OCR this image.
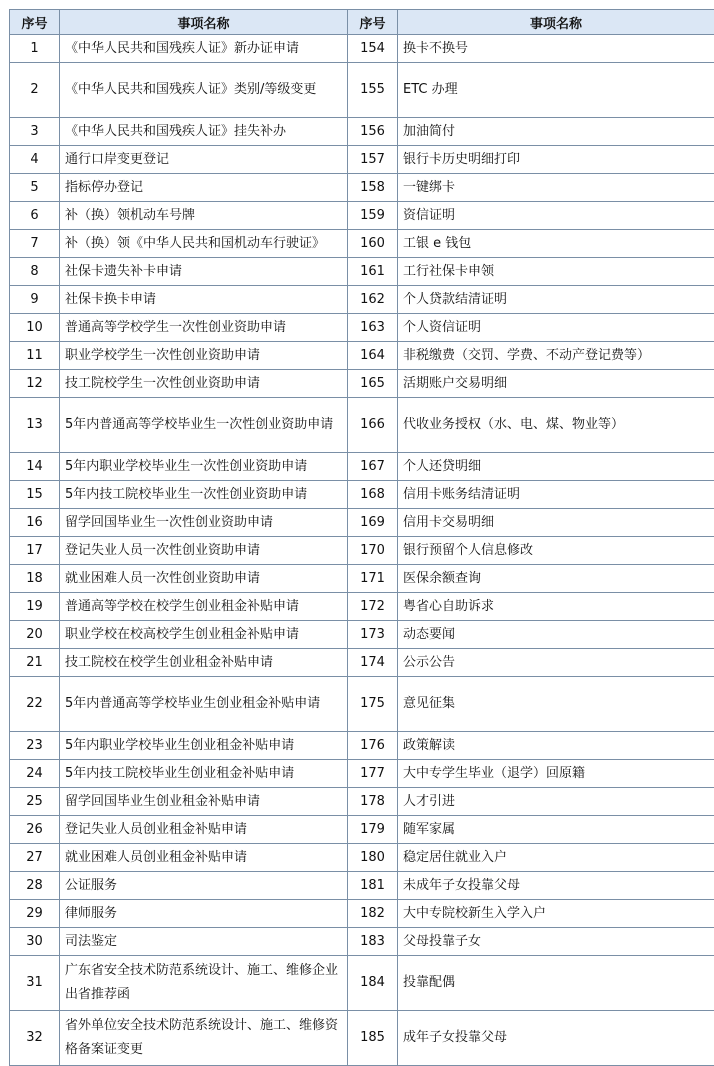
序号	事项名称	序号	事项名称
1	《中华人民共和国残疾人证》新办证申请	154	换卡不换号
2	《中华人民共和国残疾人证》类别/等级变更	155	ETC 办理
3	《中华人民共和国残疾人证》挂失补办	156	加油简付
4	通行口岸变更登记	157	银行卡历史明细打印
5	指标停办登记	158	一键绑卡
6	补（换）领机动车号牌	159	资信证明
7	补（换）领《中华人民共和国机动车行驶证》	160	工银 e 钱包
8	社保卡遗失补卡申请	161	工行社保卡申领
9	社保卡换卡申请	162	个人贷款结清证明
10	普通高等学校学生一次性创业资助申请	163	个人资信证明
11	职业学校学生一次性创业资助申请	164	非税缴费（交罚、学费、不动产登记费等）
12	技工院校学生一次性创业资助申请	165	活期账户交易明细
13	5年内普通高等学校毕业生一次性创业资助申请	166	代收业务授权（水、电、煤、物业等）
14	5年内职业学校毕业生一次性创业资助申请	167	个人还贷明细
15	5年内技工院校毕业生一次性创业资助申请	168	信用卡账务结清证明
16	留学回国毕业生一次性创业资助申请	169	信用卡交易明细
17	登记失业人员一次性创业资助申请	170	银行预留个人信息修改
18	就业困难人员一次性创业资助申请	171	医保余额查询
19	普通高等学校在校学生创业租金补贴申请	172	粤省心自助诉求
20	职业学校在校高校学生创业租金补贴申请	173	动态要闻
21	技工院校在校学生创业租金补贴申请	174	公示公告
22	5年内普通高等学校毕业生创业租金补贴申请	175	意见征集
23	5年内职业学校毕业生创业租金补贴申请	176	政策解读
24	5年内技工院校毕业生创业租金补贴申请	177	大中专学生毕业（退学）回原籍
25	留学回国毕业生创业租金补贴申请	178	人才引进
26	登记失业人员创业租金补贴申请	179	随军家属
27	就业困难人员创业租金补贴申请	180	稳定居住就业入户
28	公证服务	181	未成年子女投靠父母
29	律师服务	182	大中专院校新生入学入户
30	司法鉴定	183	父母投靠子女
31	广东省安全技术防范系统设计、施工、维修企业出省推荐函	184	投靠配偶
32	省外单位安全技术防范系统设计、施工、维修资格备案证变更	185	成年子女投靠父母
